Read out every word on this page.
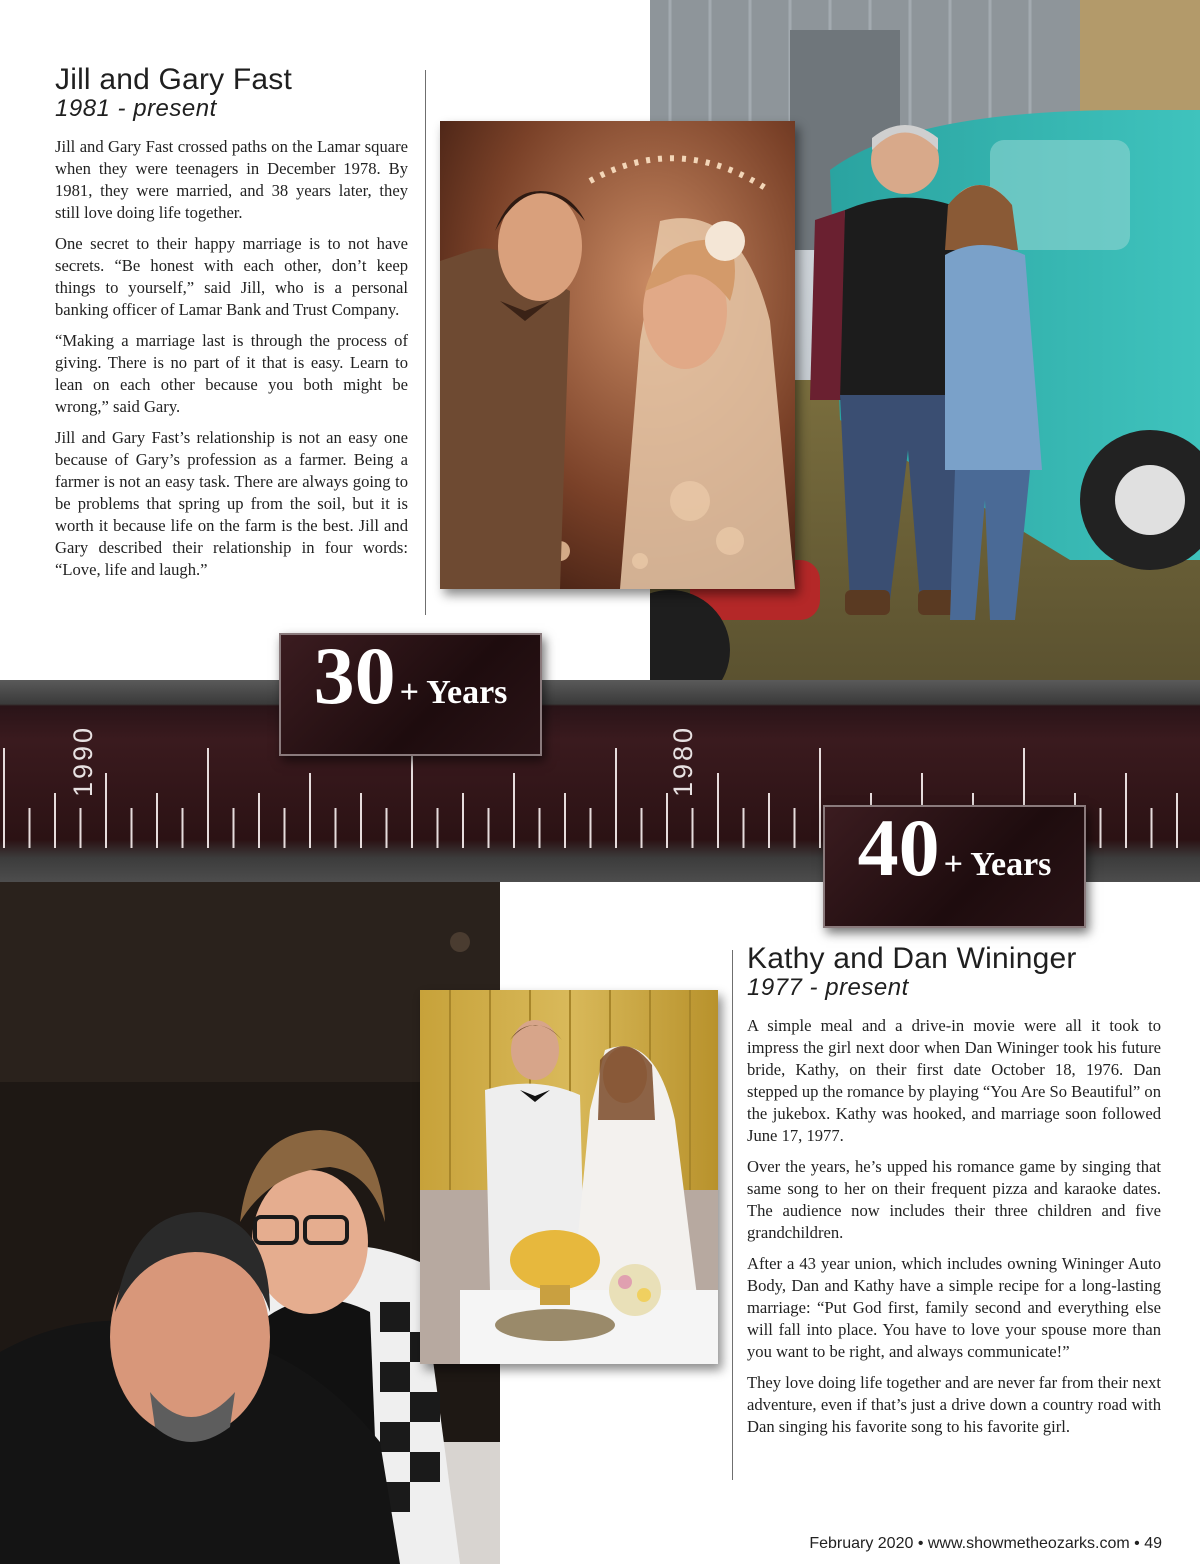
Jill and Gary Fast
1981 - present

Jill and Gary Fast crossed paths on the Lamar square when they were teenagers in December 1978. By 1981, they were married, and 38 years later, they still love doing life together.

One secret to their happy marriage is to not have secrets. “Be honest with each other, don’t keep things to yourself,” said Jill, who is a personal banking officer of Lamar Bank and Trust Company.

“Making a marriage last is through the process of giving. There is no part of it that is easy. Learn to lean on each other because you both might be wrong,” said Gary.

Jill and Gary Fast’s relationship is not an easy one because of Gary’s profession as a farmer. Being a farmer is not an easy task. There are always going to be problems that spring up from the soil, but it is worth it because life on the farm is the best. Jill and Gary described their relationship in four words: “Love, life and laugh.”

1990	1980
30 + Years
40 + Years
Kathy and Dan Wininger
1977 - present

A simple meal and a drive-in movie were all it took to impress the girl next door when Dan Wininger took his future bride, Kathy, on their first date October 18, 1976. Dan stepped up the romance by playing “You Are So Beautiful” on the jukebox. Kathy was hooked, and marriage soon followed June 17, 1977.

Over the years, he’s upped his romance game by singing that same song to her on their frequent pizza and karaoke dates. The audience now includes their three children and five grandchildren.

After a 43 year union, which includes owning Wininger Auto Body, Dan and Kathy have a simple recipe for a long-lasting marriage: “Put God first, family second and everything else will fall into place. You have to love your spouse more than you want to be right, and always communicate!”

They love doing life together and are never far from their next adventure, even if that’s just a drive down a country road with Dan singing his favorite song to his favorite girl.

February 2020 • www.showmetheozarks.com • 49
